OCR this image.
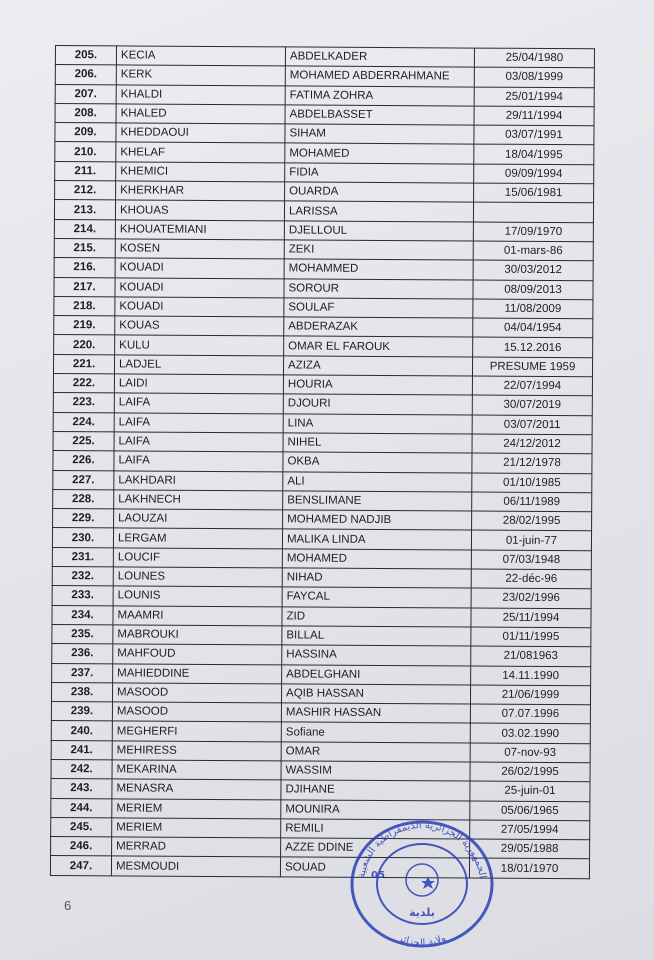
205.	KECIA	ABDELKADER	25/04/1980
206.	KERK	MOHAMED ABDERRAHMANE	03/08/1999
207.	KHALDI	FATIMA ZOHRA	25/01/1994
208.	KHALED	ABDELBASSET	29/11/1994
209.	KHEDDAOUI	SIHAM	03/07/1991
210.	KHELAF	MOHAMED	18/04/1995
211.	KHEMICI	FIDIA	09/09/1994
212.	KHERKHAR	OUARDA	15/06/1981
213.	KHOUAS	LARISSA	
214.	KHOUATEMIANI	DJELLOUL	17/09/1970
215.	KOSEN	ZEKI	01-mars-86
216.	KOUADI	MOHAMMED	30/03/2012
217.	KOUADI	SOROUR	08/09/2013
218.	KOUADI	SOULAF	11/08/2009
219.	KOUAS	ABDERAZAK	04/04/1954
220.	KULU	OMAR EL FAROUK	15.12.2016
221.	LADJEL	AZIZA	PRESUME 1959
222.	LAIDI	HOURIA	22/07/1994
223.	LAIFA	DJOURI	30/07/2019
224.	LAIFA	LINA	03/07/2011
225.	LAIFA	NIHEL	24/12/2012
226.	LAIFA	OKBA	21/12/1978
227.	LAKHDARI	ALI	01/10/1985
228.	LAKHNECH	BENSLIMANE	06/11/1989
229.	LAOUZAI	MOHAMED NADJIB	28/02/1995
230.	LERGAM	MALIKA LINDA	01-juin-77
231.	LOUCIF	MOHAMED	07/03/1948
232.	LOUNES	NIHAD	22-déc-96
233.	LOUNIS	FAYCAL	23/02/1996
234.	MAAMRI	ZID	25/11/1994
235.	MABROUKI	BILLAL	01/11/1995
236.	MAHFOUD	HASSINA	21/081963
237.	MAHIEDDINE	ABDELGHANI	14.11.1990
238.	MASOOD	AQIB HASSAN	21/06/1999
239.	MASOOD	MASHIR HASSAN	07.07.1996
240.	MEGHERFI	Sofiane	03.02.1990
241.	MEHIRESS	OMAR	07-nov-93
242.	MEKARINA	WASSIM	26/02/1995
243.	MENASRA	DJIHANE	25-juin-01
244.	MERIEM	MOUNIRA	05/06/1965
245.	MERIEM	REMILI	27/05/1994
246.	MERRAD	AZZE DDINE	29/05/1988
247.	MESMOUDI	SOUAD	18/01/1970
6
الجمهورية الجزائرية الديمقراطية الشعبية
ولاية الجزائر
بلدية
05
